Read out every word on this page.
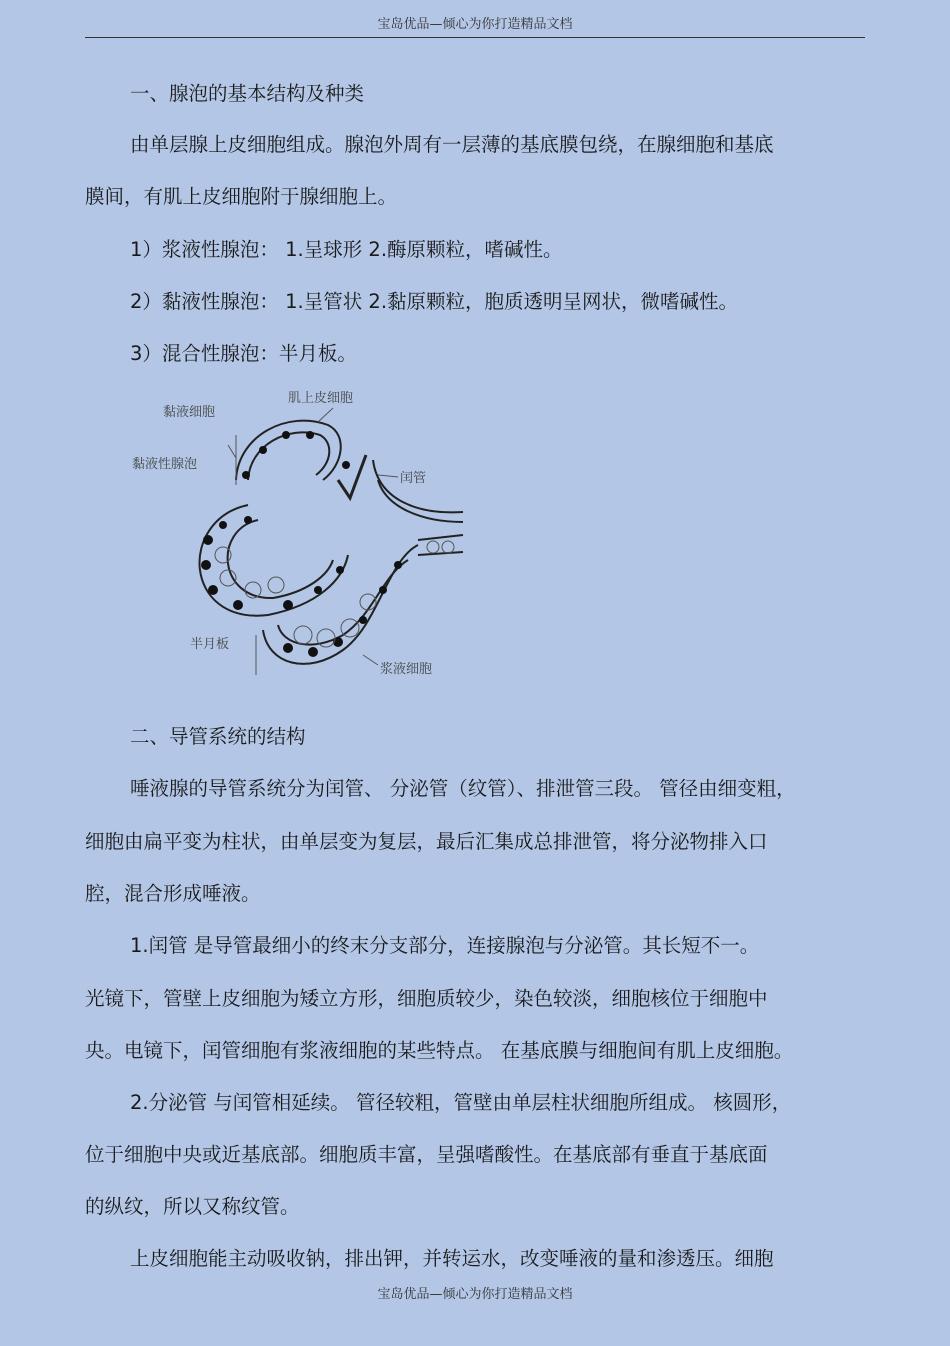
宝岛优品—倾心为你打造精品文档
一、腺泡的基本结构及种类
由单层腺上皮细胞组成。腺泡外周有一层薄的基底膜包绕，在腺细胞和基底
膜间，有肌上皮细胞附于腺细胞上。
1）浆液性腺泡： 1.呈球形 2.酶原颗粒，嗜碱性。
2）黏液性腺泡： 1.呈管状 2.黏原颗粒，胞质透明呈网状，微嗜碱性。
3）混合性腺泡：半月板。
黏液细胞
肌上皮细胞
黏液性腺泡
闰管
半月板
浆液细胞
二、导管系统的结构
唾液腺的导管系统分为闰管、 分泌管（纹管）、排泄管三段。 管径由细变粗，
细胞由扁平变为柱状，由单层变为复层，最后汇集成总排泄管，将分泌物排入口
腔，混合形成唾液。
1.闰管 是导管最细小的终末分支部分，连接腺泡与分泌管。其长短不一。
光镜下，管壁上皮细胞为矮立方形，细胞质较少，染色较淡，细胞核位于细胞中
央。电镜下，闰管细胞有浆液细胞的某些特点。 在基底膜与细胞间有肌上皮细胞。
2.分泌管 与闰管相延续。 管径较粗，管壁由单层柱状细胞所组成。 核圆形，
位于细胞中央或近基底部。细胞质丰富，呈强嗜酸性。在基底部有垂直于基底面
的纵纹，所以又称纹管。
上皮细胞能主动吸收钠，排出钾，并转运水，改变唾液的量和渗透压。细胞
宝岛优品—倾心为你打造精品文档
